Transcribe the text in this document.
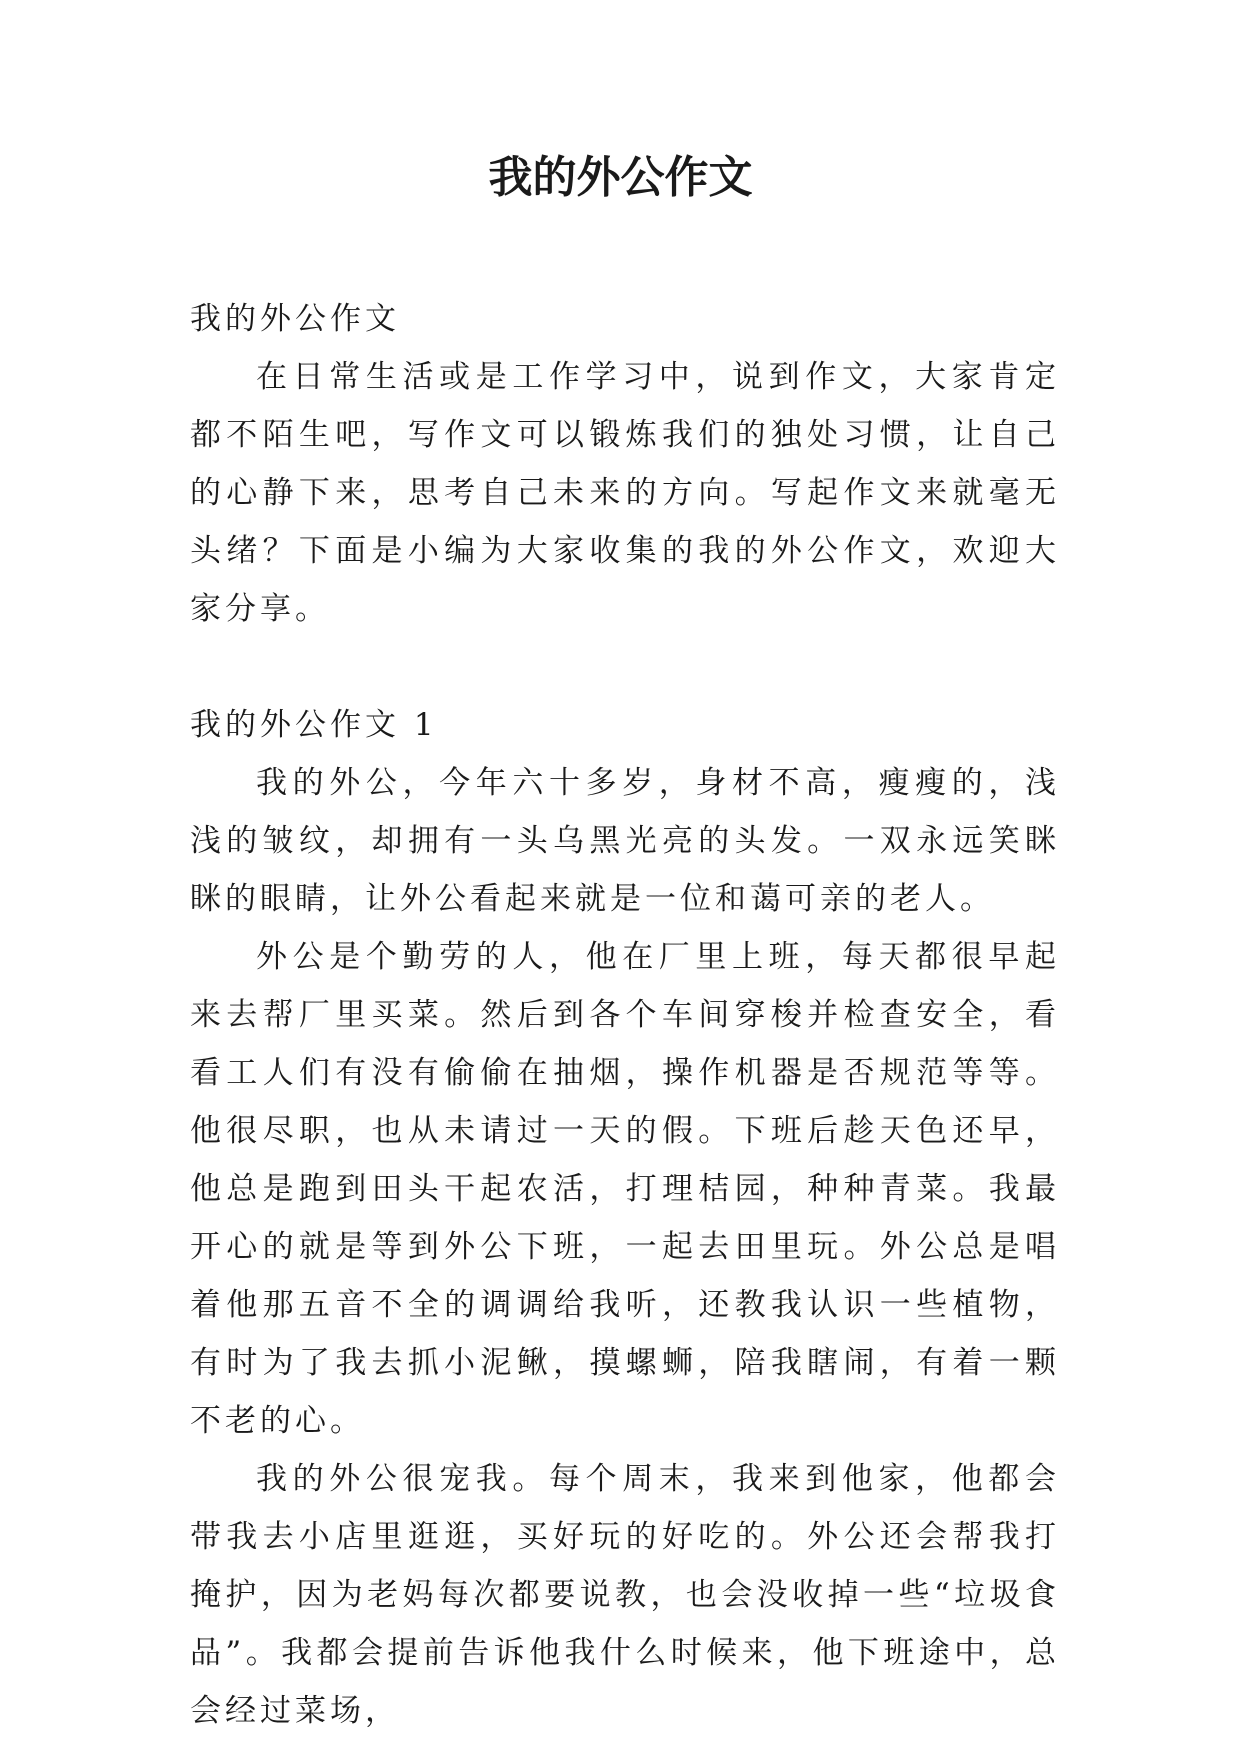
我的外公作文

我的外公作文

在日常生活或是工作学习中，说到作文，大家肯定都不陌生吧，写作文可以锻炼我们的独处习惯，让自己的心静下来，思考自己未来的方向。写起作文来就毫无头绪？下面是小编为大家收集的我的外公作文，欢迎大家分享。

我的外公作文 1

我的外公，今年六十多岁，身材不高，瘦瘦的，浅浅的皱纹，却拥有一头乌黑光亮的头发。一双永远笑眯眯的眼睛，让外公看起来就是一位和蔼可亲的老人。

外公是个勤劳的人，他在厂里上班，每天都很早起来去帮厂里买菜。然后到各个车间穿梭并检查安全，看看工人们有没有偷偷在抽烟，操作机器是否规范等等。他很尽职，也从未请过一天的假。下班后趁天色还早，他总是跑到田头干起农活，打理桔园，种种青菜。我最开心的就是等到外公下班，一起去田里玩。外公总是唱着他那五音不全的调调给我听，还教我认识一些植物，有时为了我去抓小泥鳅，摸螺蛳，陪我瞎闹，有着一颗不老的心。

我的外公很宠我。每个周末，我来到他家，他都会带我去小店里逛逛，买好玩的好吃的。外公还会帮我打掩护，因为老妈每次都要说教，也会没收掉一些“垃圾食品”。我都会提前告诉他我什么时候来，他下班途中，总会经过菜场，
